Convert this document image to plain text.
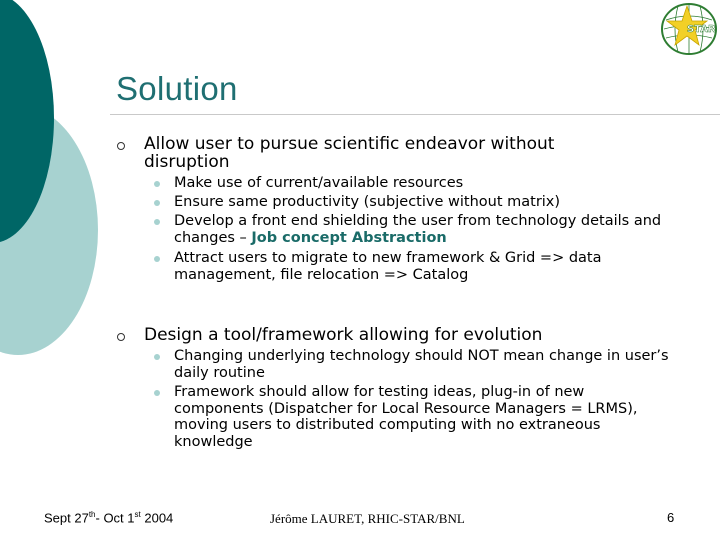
STAR
Solution
Allow user to pursue scientific endeavor without disruption
Make use of current/available resources
Ensure same productivity (subjective without matrix)
Develop a front end shielding the user from technology details and changes – Job concept Abstraction
Attract users to migrate to new framework & Grid => data management, file relocation => Catalog
Design a tool/framework allowing for evolution
Changing underlying technology should NOT mean change in user’s daily routine
Framework should allow for testing ideas, plug-in of new components (Dispatcher for Local Resource Managers = LRMS), moving users to distributed computing with no extraneous knowledge
Sept 27th- Oct 1st 2004	Jérôme LAURET, RHIC-STAR/BNL	6
